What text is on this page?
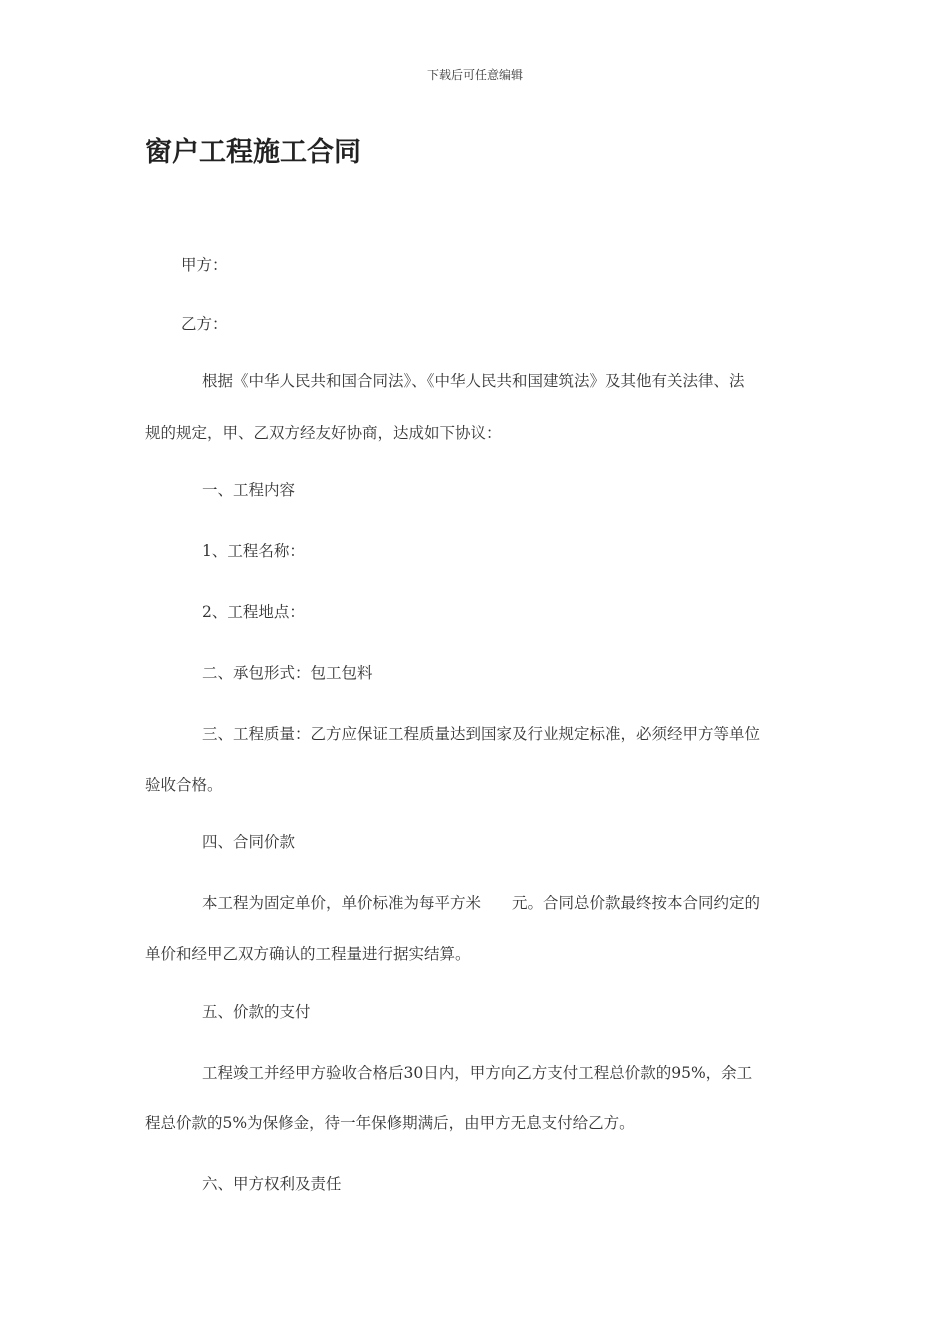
下载后可任意编辑
窗户工程施工合同

甲方：

乙方：

根据《中华人民共和国合同法》、《中华人民共和国建筑法》及其他有关法律、法

规的规定，甲、乙双方经友好协商，达成如下协议：

一、工程内容

1、工程名称：

2、工程地点：

二、承包形式：包工包料

三、工程质量：乙方应保证工程质量达到国家及行业规定标准，必须经甲方等单位

验收合格。

四、合同价款

本工程为固定单价，单价标准为每平方米　　元。合同总价款最终按本合同约定的

单价和经甲乙双方确认的工程量进行据实结算。

五、价款的支付

工程竣工并经甲方验收合格后30日内，甲方向乙方支付工程总价款的95%，余工

程总价款的5%为保修金，待一年保修期满后，由甲方无息支付给乙方。

六、甲方权利及责任
